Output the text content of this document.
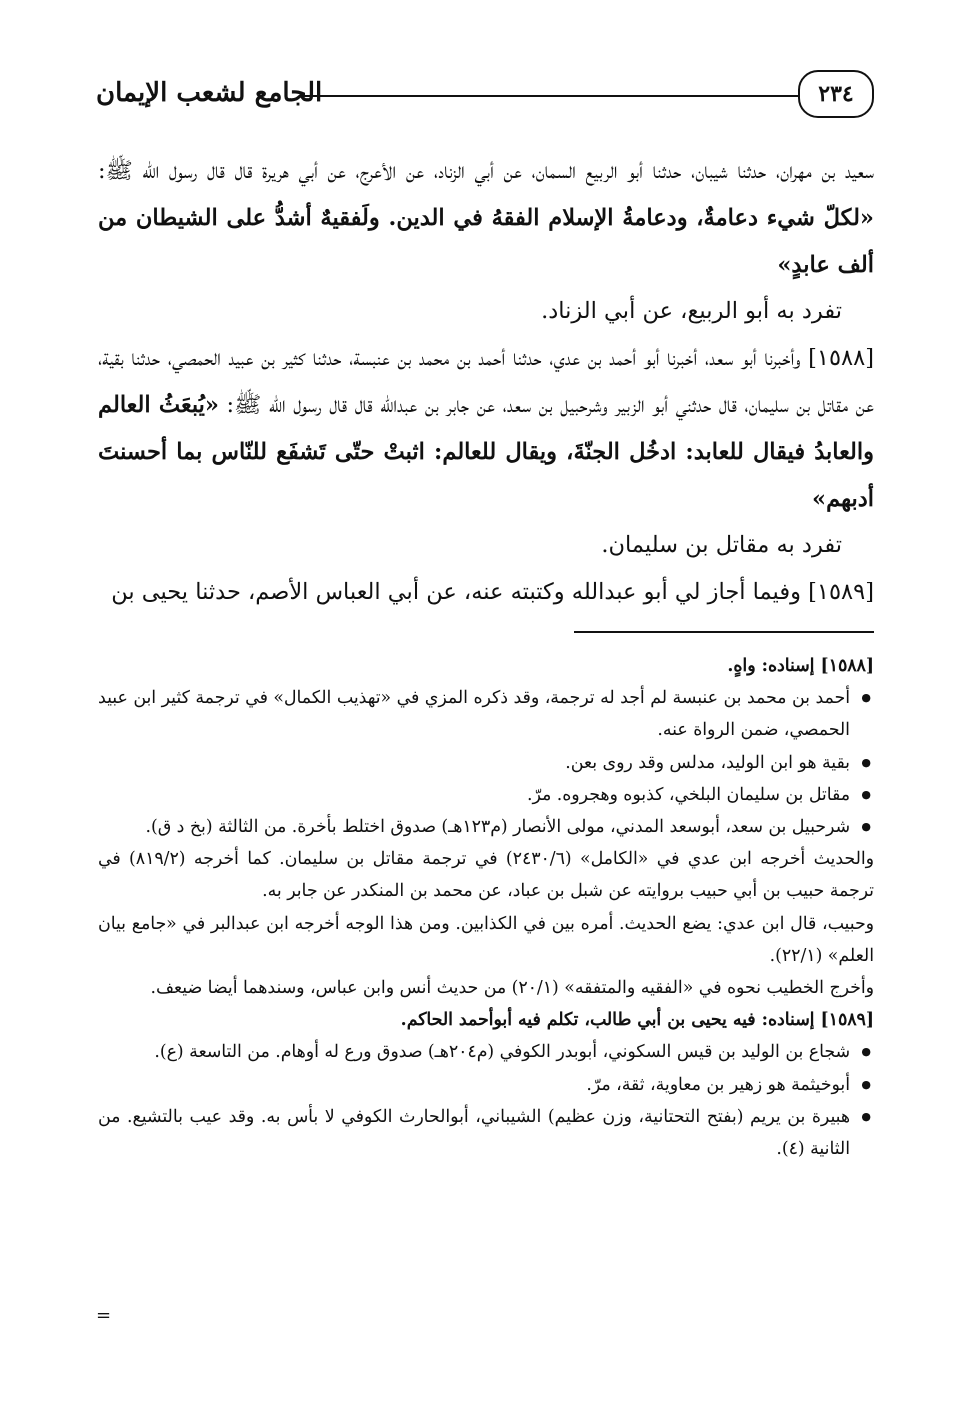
٢٣٤
الجامع لشعب الإيمان

سعيد بن مهران، حدثنا شيبان، حدثنا أبو الربيع السمان، عن أبي الزناد، عن الأعرج، عن أبي هريرة قال قال رسول الله ﷺ: «لكلّ شيء دعامةٌ، ودعامةُ الإسلام الفقهُ في الدين. ولَفقيهٌ أشدُّ على الشيطان من ألف عابدٍ»

تفرد به أبو الربيع، عن أبي الزناد.

[١٥٨٨] وأخبرنا أبو سعد، أخبرنا أبو أحمد بن عدي، حدثنا أحمد بن محمد بن عنبسة، حدثنا كثير بن عبيد الحمصي، حدثنا بقية، عن مقاتل بن سليمان، قال حدثني أبو الزبير وشرحبيل بن سعد، عن جابر بن عبدالله قال قال رسول الله ﷺ: «يُبعَثُ العالم والعابدُ فيقال للعابد: ادخُل الجنّةَ، ويقال للعالم: اثبتْ حتّى تَشفَع للنّاس بما أحسنتَ أدبهم»

تفرد به مقاتل بن سليمان.

[١٥٨٩] وفيما أجاز لي أبو عبدالله وكتبته عنه، عن أبي العباس الأصم، حدثنا يحيى بن

[١٥٨٨] إسناده: واهٍ.

● أحمد بن محمد بن عنبسة لم أجد له ترجمة، وقد ذكره المزي في «تهذيب الكمال» في ترجمة كثير ابن عبيد الحمصي، ضمن الرواة عنه.
● بقية هو ابن الوليد، مدلس وقد روى بعن.
● مقاتل بن سليمان البلخي، كذبوه وهجروه. مرّ.
● شرحبيل بن سعد، أبوسعد المدني، مولى الأنصار (م١٢٣هـ) صدوق اختلط بأخرة. من الثالثة (بخ د ق).

والحديث أخرجه ابن عدي في «الكامل» (٢٤٣٠/٦) في ترجمة مقاتل بن سليمان. كما أخرجه (٨١٩/٢) في ترجمة حبيب بن أبي حبيب بروايته عن شبل بن عباد، عن محمد بن المنكدر عن جابر به.

وحبيب، قال ابن عدي: يضع الحديث. أمره بين في الكذابين. ومن هذا الوجه أخرجه ابن عبدالبر في «جامع بيان العلم» (٢٢/١).

وأخرج الخطيب نحوه في «الفقيه والمتفقه» (٢٠/١) من حديث أنس وابن عباس، وسندهما أيضا ضيعف.

[١٥٨٩] إسناده: فيه يحيى بن أبي طالب، تكلم فيه أبوأحمد الحاكم.

● شجاع بن الوليد بن قيس السكوني، أبوبدر الكوفي (م٢٠٤هـ) صدوق ورع له أوهام. من التاسعة (ع).
● أبوخيثمة هو زهير بن معاوية، ثقة، مرّ.
● هبيرة بن يريم (بفتح التحتانية، وزن عظيم) الشيباني، أبوالحارث الكوفي لا بأس به. وقد عيب بالتشيع. من الثانية (٤).
=
